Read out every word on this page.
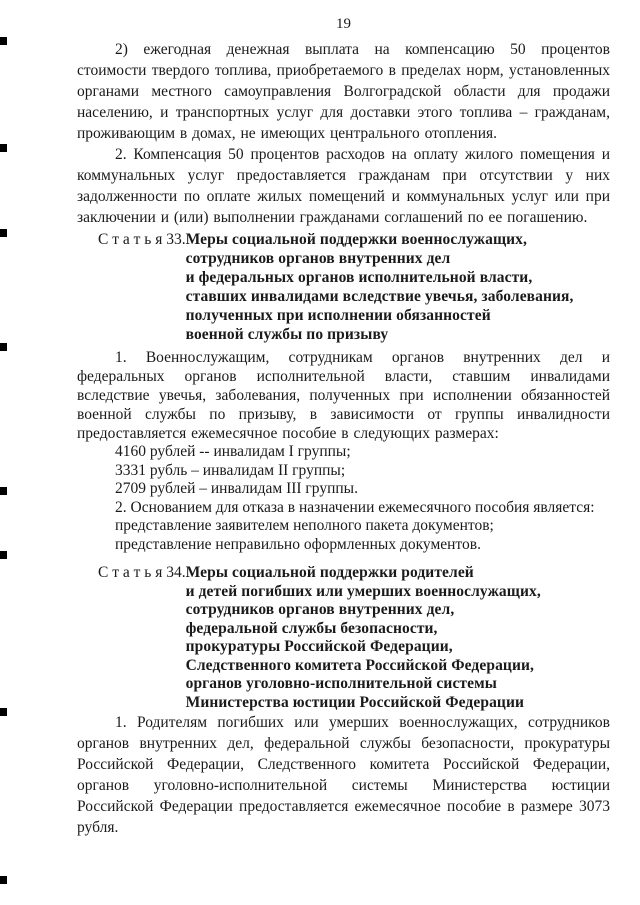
19

2) ежегодная денежная выплата на компенсацию 50 процентов стоимости твердого топлива, приобретаемого в пределах норм, установленных органами местного самоуправления Волгоградской области для продажи населению, и транспортных услуг для доставки этого топлива – гражданам, проживающим в домах, не имеющих центрального отопления.

2. Компенсация 50 процентов расходов на оплату жилого помещения и коммунальных услуг предоставляется гражданам при отсутствии у них задолженности по оплате жилых помещений и коммунальных услуг или при заключении и (или) выполнении гражданами соглашений по ее погашению.

С т а т ь я 33. Меры социальной поддержки военнослужащих,
сотрудников органов внутренних дел
и федеральных органов исполнительной власти,
ставших инвалидами вследствие увечья, заболевания,
полученных при исполнении обязанностей
военной службы по призыву

1. Военнослужащим, сотрудникам органов внутренних дел и федеральных органов исполнительной власти, ставшим инвалидами вследствие увечья, заболевания, полученных при исполнении обязанностей военной службы по призыву, в зависимости от группы инвалидности предоставляется ежемесячное пособие в следующих размерах:

4160 рублей -- инвалидам I группы;
3331 рубль – инвалидам II группы;
2709 рублей – инвалидам III группы.
2. Основанием для отказа в назначении ежемесячного пособия является:
представление заявителем неполного пакета документов;
представление неправильно оформленных документов.
С т а т ь я 34. Меры социальной поддержки родителей
и детей погибших или умерших военнослужащих,
сотрудников органов внутренних дел,
федеральной службы безопасности,
прокуратуры Российской Федерации,
Следственного комитета Российской Федерации,
органов уголовно-исполнительной системы
Министерства юстиции Российской Федерации

1. Родителям погибших или умерших военнослужащих, сотрудников органов внутренних дел, федеральной службы безопасности, прокуратуры Российской Федерации, Следственного комитета Российской Федерации, органов уголовно-исполнительной системы Министерства юстиции Российской Федерации предоставляется ежемесячное пособие в размере 3073 рубля.
